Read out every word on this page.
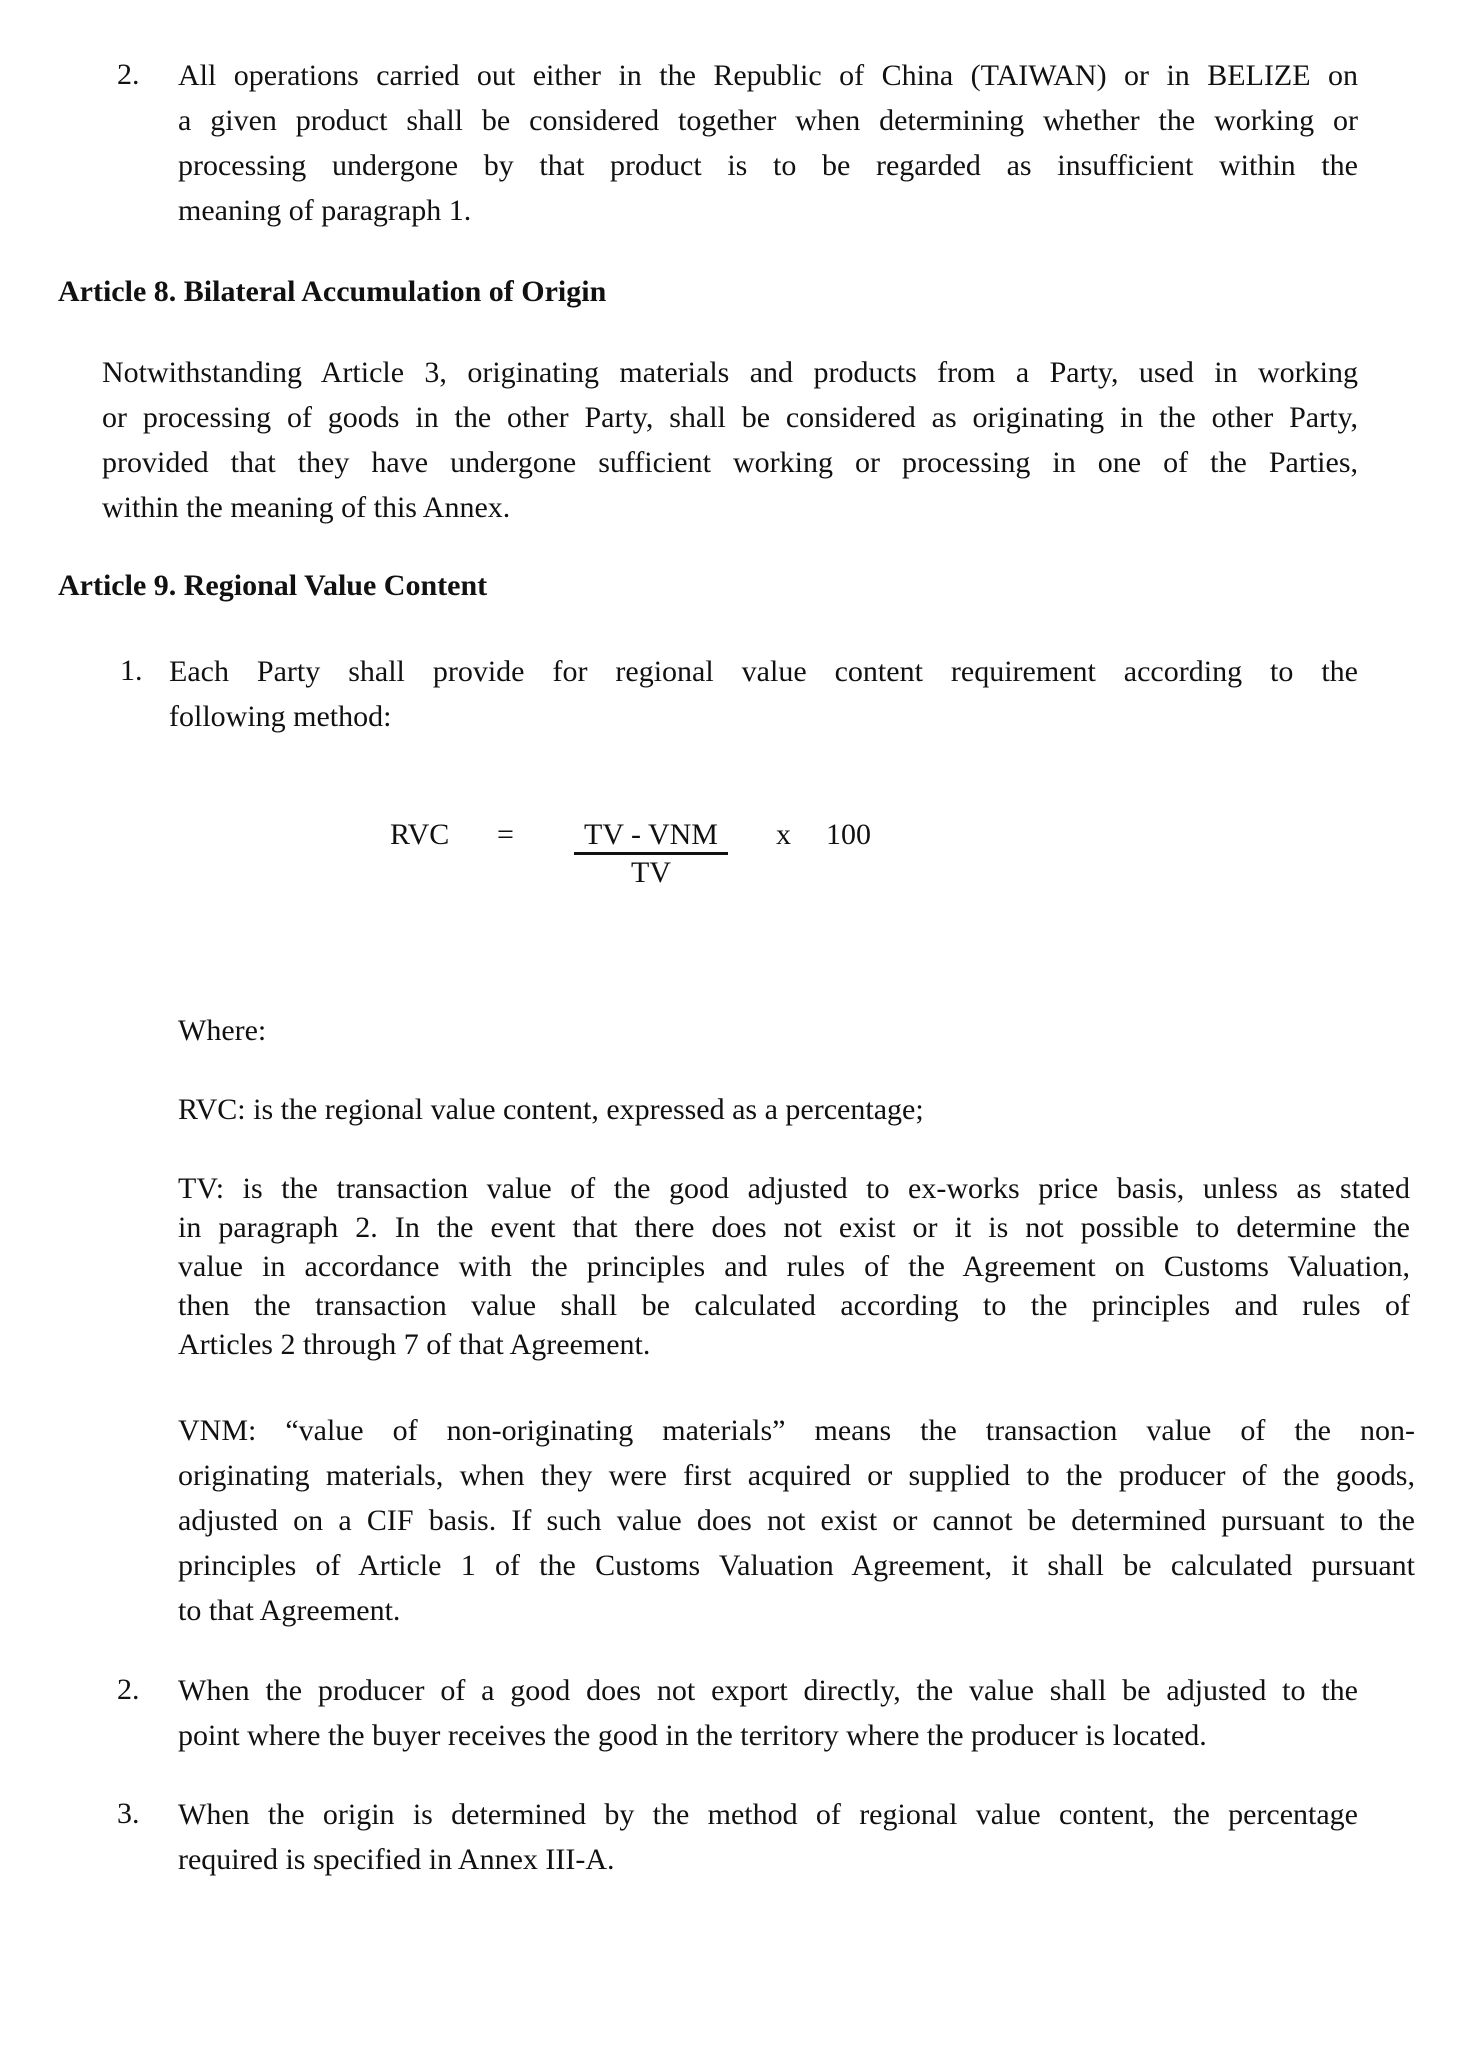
2. All operations carried out either in the Republic of China (TAIWAN) or in BELIZE on
a given product shall be considered together when determining whether the working or
processing undergone by that product is to be regarded as insufficient within the
meaning of paragraph 1.
Article 8. Bilateral Accumulation of Origin
Notwithstanding Article 3, originating materials and products from a Party, used in working
or processing of goods in the other Party, shall be considered as originating in the other Party,
provided that they have undergone sufficient working or processing in one of the Parties,
within the meaning of this Annex.
Article 9. Regional Value Content
1. Each Party shall provide for regional value content requirement according to the
following method:
RVC =	TV - VNM
TV
x 100
Where:
RVC: is the regional value content, expressed as a percentage;
TV: is the transaction value of the good adjusted to ex-works price basis, unless as stated
in paragraph 2. In the event that there does not exist or it is not possible to determine the
value in accordance with the principles and rules of the Agreement on Customs Valuation,
then the transaction value shall be calculated according to the principles and rules of
Articles 2 through 7 of that Agreement.
VNM: “value of non-originating materials” means the transaction value of the non-
originating materials, when they were first acquired or supplied to the producer of the goods,
adjusted on a CIF basis. If such value does not exist or cannot be determined pursuant to the
principles of Article 1 of the Customs Valuation Agreement, it shall be calculated pursuant
to that Agreement.
2. When the producer of a good does not export directly, the value shall be adjusted to the
point where the buyer receives the good in the territory where the producer is located.
3. When the origin is determined by the method of regional value content, the percentage
required is specified in Annex III-A.
